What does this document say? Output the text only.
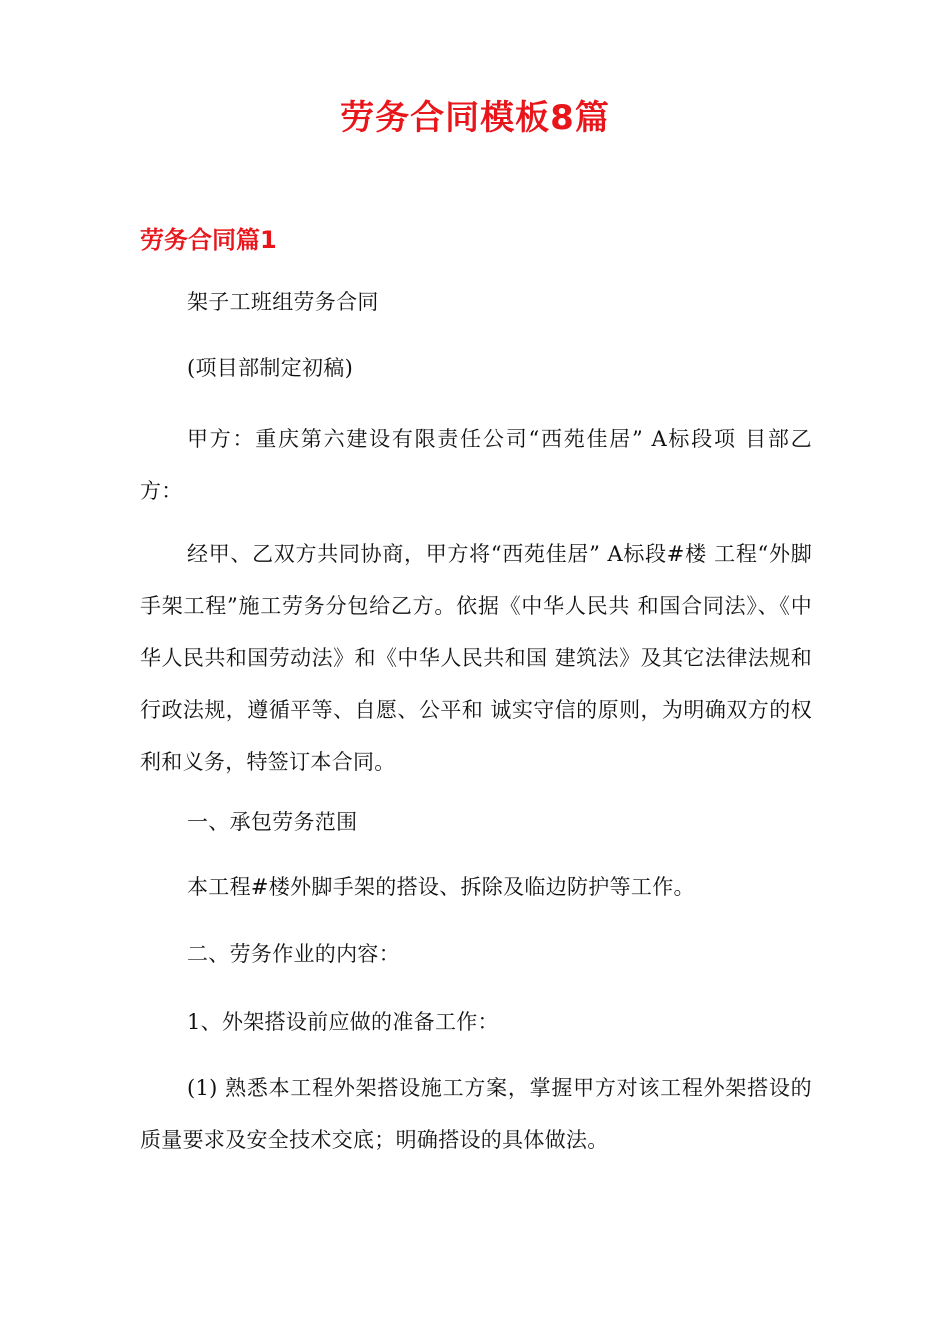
劳务合同模板8篇
劳务合同篇1
架子工班组劳务合同
(项目部制定初稿)
甲方：重庆第六建设有限责任公司“西苑佳居” A标段项 目部乙方：
经甲、乙双方共同协商，甲方将“西苑佳居” A标段#楼 工程“外脚手架工程”施工劳务分包给乙方。依据《中华人民共 和国合同法》、《中华人民共和国劳动法》和《中华人民共和国 建筑法》及其它法律法规和行政法规，遵循平等、自愿、公平和 诚实守信的原则，为明确双方的权利和义务，特签订本合同。
一、承包劳务范围
本工程#楼外脚手架的搭设、拆除及临边防护等工作。
二、劳务作业的内容：
1、外架搭设前应做的准备工作：
(1) 熟悉本工程外架搭设施工方案，掌握甲方对该工程外架搭设的质量要求及安全技术交底；明确搭设的具体做法。
